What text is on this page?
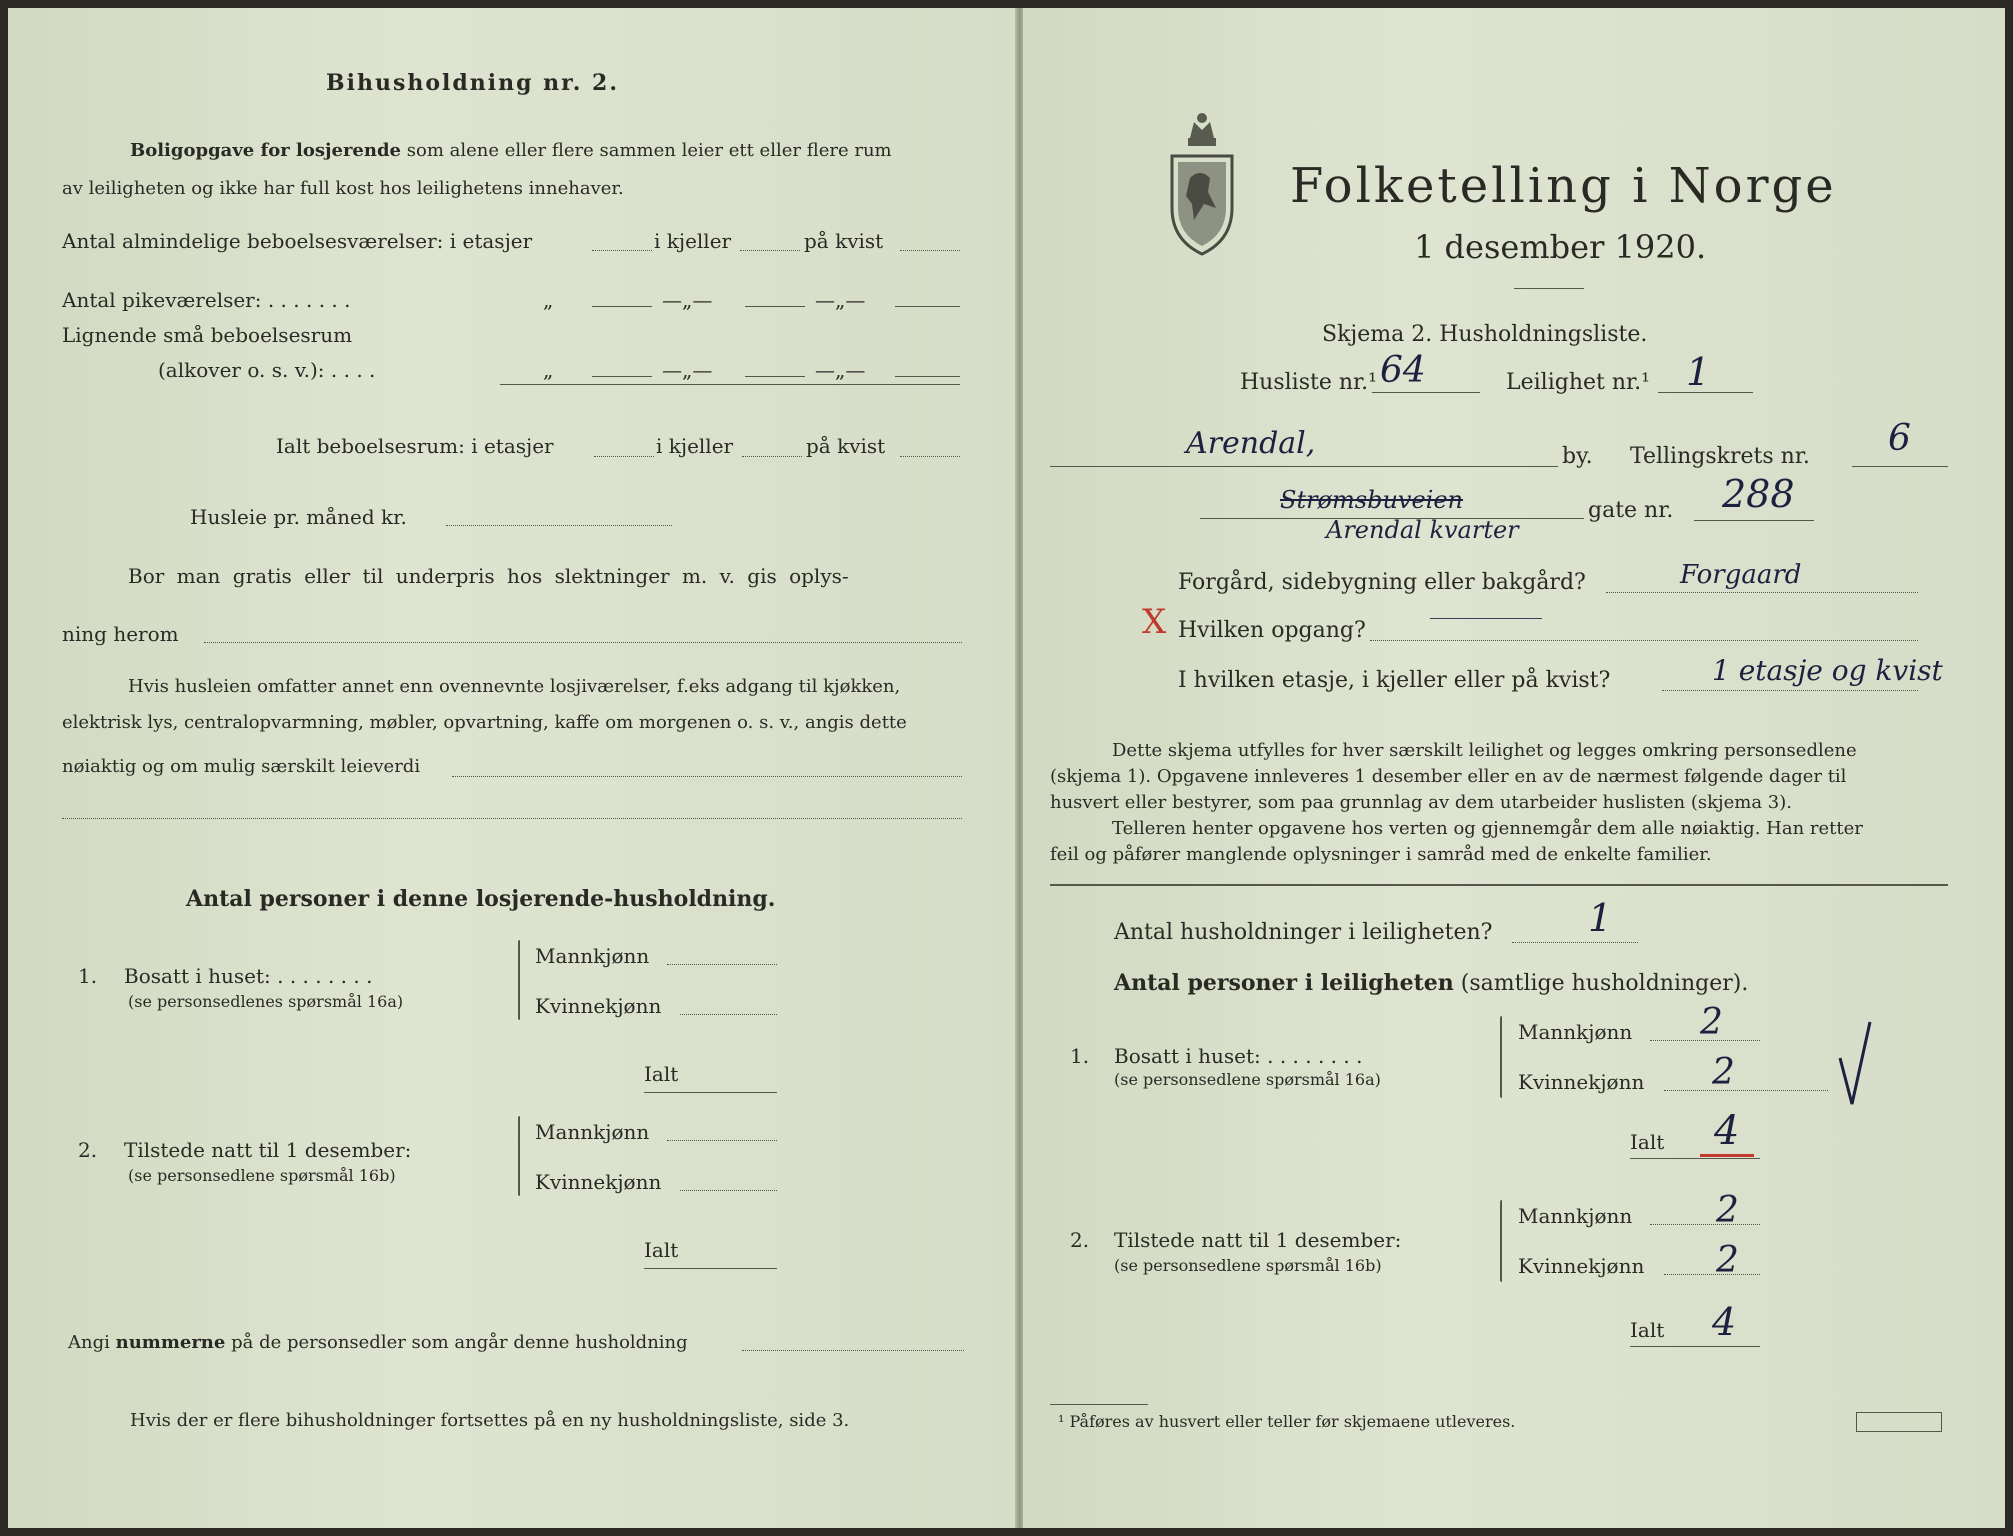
Bihusholdning nr. 2.
Boligopgave for losjerende som alene eller flere sammen leier ett eller flere rum
av leiligheten og ikke har full kost hos leilighetens innehaver.
Antal almindelige beboelsesværelser: i etasjer	i kjeller	på kvist
Antal pikeværelser: . . . . . . .	„	—„—	—„—
Lignende små beboelsesrum
(alkover o. s. v.): . . . .	„	—„—	—„—
Ialt beboelsesrum: i etasjer	i kjeller	på kvist
Husleie pr. måned kr.
Bor man gratis eller til underpris hos slektninger m. v. gis oplys-
ning herom
Hvis husleien omfatter annet enn ovennevnte losjiværelser, f.eks adgang til kjøkken,
elektrisk lys, centralopvarmning, møbler, opvartning, kaffe om morgenen o. s. v., angis dette
nøiaktig og om mulig særskilt leieverdi
Antal personer i denne losjerende-husholdning.
1. Bosatt i huset: . . . . . . . .
(se personsedlenes spørsmål 16a)
Mannkjønn
Kvinnekjønn
Ialt
2. Tilstede natt til 1 desember:
(se personsedlene spørsmål 16b)
Mannkjønn
Kvinnekjønn
Ialt
Angi nummerne på de personsedler som angår denne husholdning
Hvis der er flere bihusholdninger fortsettes på en ny husholdningsliste, side 3.
Folketelling i Norge
1 desember 1920.
Skjema 2. Husholdningsliste.
Husliste nr.¹ 64	Leilighet nr.¹ 1
Arendal,	by. Tellingskrets nr. 6
Strømsbuveien
Arendal kvarter
gate nr. 288
Forgård, sidebygning eller bakgård?	Forgaard
X Hvilken opgang?
I hvilken etasje, i kjeller eller på kvist?	1 etasje og kvist
Dette skjema utfylles for hver særskilt leilighet og legges omkring personsedlene
(skjema 1). Opgavene innleveres 1 desember eller en av de nærmest følgende dager til
husvert eller bestyrer, som paa grunnlag av dem utarbeider huslisten (skjema 3).
Telleren henter opgavene hos verten og gjennemgår dem alle nøiaktig. Han retter
feil og påfører manglende oplysninger i samråd med de enkelte familier.
Antal husholdninger i leiligheten?	1
Antal personer i leiligheten (samtlige husholdninger).
1. Bosatt i huset: . . . . . . . .
(se personsedlene spørsmål 16a)
Mannkjønn 2
Kvinnekjønn 2
Ialt 4
2. Tilstede natt til 1 desember:
(se personsedlene spørsmål 16b)
Mannkjønn 2
Kvinnekjønn 2
Ialt 4
¹ Påføres av husvert eller teller før skjemaene utleveres.
